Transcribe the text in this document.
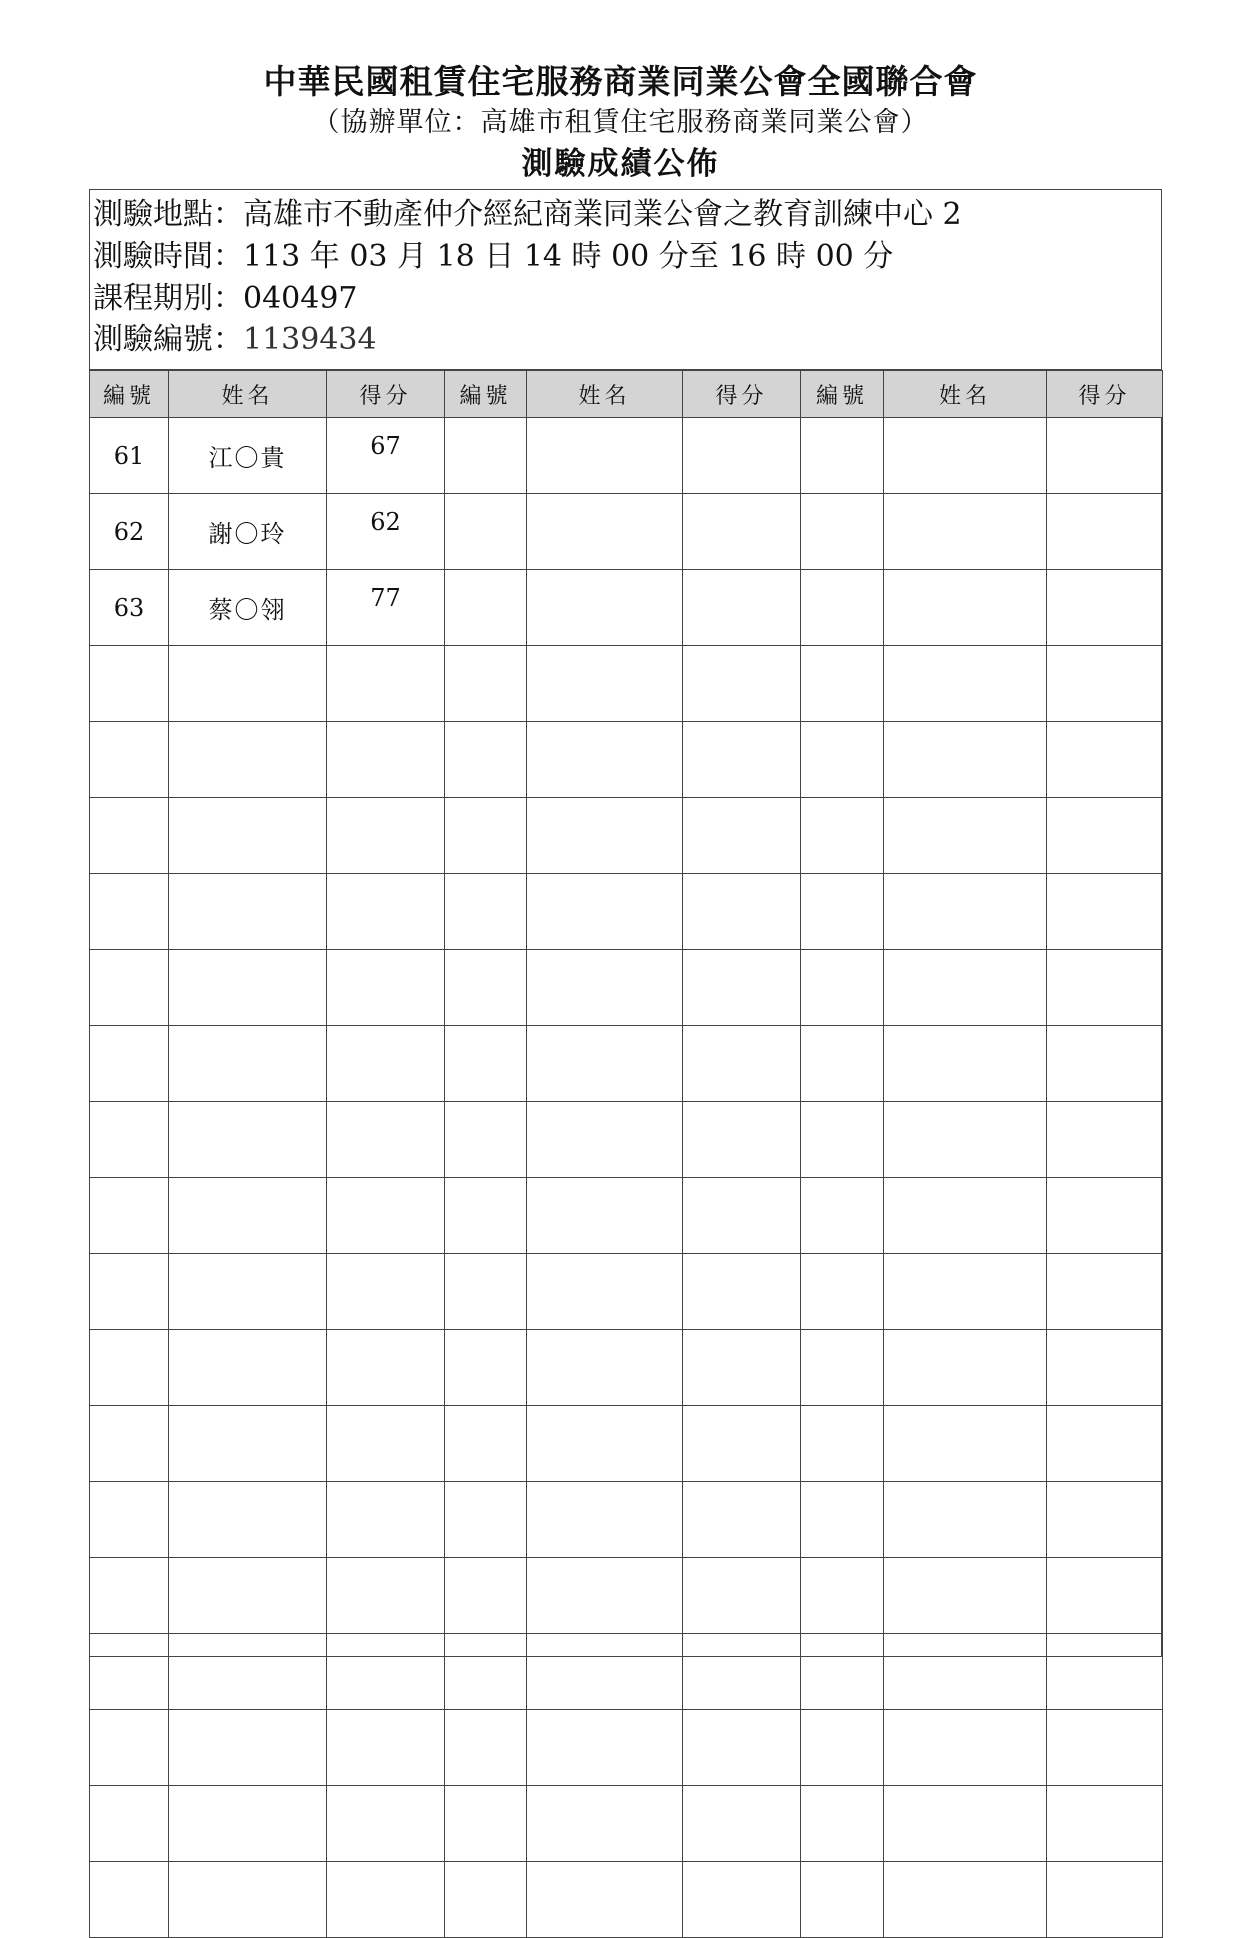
中華民國租賃住宅服務商業同業公會全國聯合會
（協辦單位：高雄市租賃住宅服務商業同業公會）
測驗成績公佈
測驗地點：高雄市不動產仲介經紀商業同業公會之教育訓練中心 2
測驗時間：113 年 03 月 18 日 14 時 00 分至 16 時 00 分
課程期別：040497
測驗編號：1139434
編號	姓名	得分	編號	姓名	得分	編號	姓名	得分
61	江〇貴	67						
62	謝〇玲	62						
63	蔡〇翎	77						
